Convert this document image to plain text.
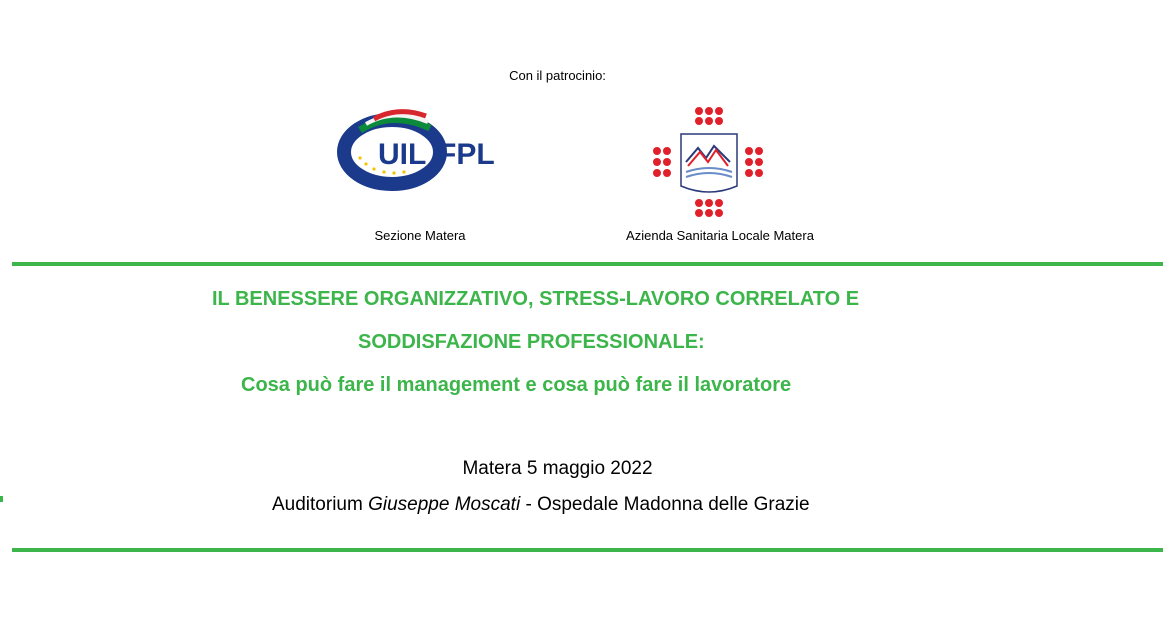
Con il patrocinio:
UIL FPL
Sezione Matera	Azienda Sanitaria Locale Matera
IL BENESSERE ORGANIZZATIVO, STRESS‑LAVORO CORRELATO E
SODDISFAZIONE PROFESSIONALE:
Cosa può fare il management e cosa può fare il lavoratore
Matera 5 maggio 2022
Auditorium Giuseppe Moscati - Ospedale Madonna delle Grazie
